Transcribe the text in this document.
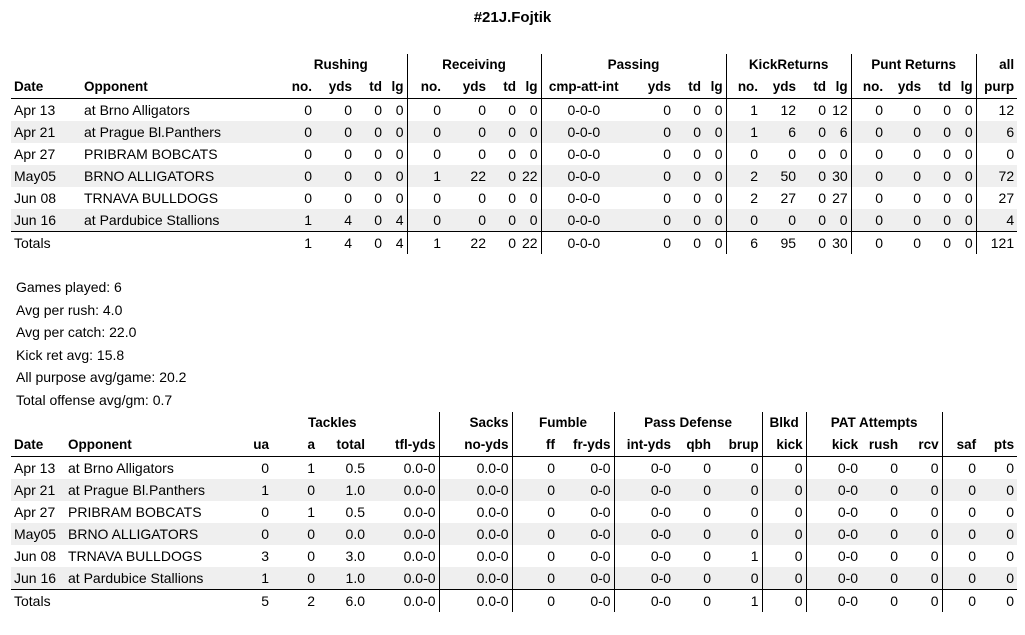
#21J.Fojtik
		Rushing				Receiving				Passing				KickReturns				Punt Returns				all
Date	Opponent	no.	yds	td	lg	no.	yds	td	lg	cmp-att-int	yds	td	lg	no.	yds	td	lg	no.	yds	td	lg	purp
Apr 13	at Brno Alligators	0	0	0	0	0	0	0	0	0-0-0	0	0	0	1	12	0	12	0	0	0	0	12
Apr 21	at Prague Bl.Panthers	0	0	0	0	0	0	0	0	0-0-0	0	0	0	1	6	0	6	0	0	0	0	6
Apr 27	PRIBRAM BOBCATS	0	0	0	0	0	0	0	0	0-0-0	0	0	0	0	0	0	0	0	0	0	0	0
May05	BRNO ALLIGATORS	0	0	0	0	1	22	0	22	0-0-0	0	0	0	2	50	0	30	0	0	0	0	72
Jun 08	TRNAVA BULLDOGS	0	0	0	0	0	0	0	0	0-0-0	0	0	0	2	27	0	27	0	0	0	0	27
Jun 16	at Pardubice Stallions	1	4	0	4	0	0	0	0	0-0-0	0	0	0	0	0	0	0	0	0	0	0	4
Totals		1	4	0	4	1	22	0	22	0-0-0	0	0	0	6	95	0	30	0	0	0	0	121
Games played: 6
Avg per rush: 4.0
Avg per catch: 22.0
Kick ret avg: 15.8
All purpose avg/game: 20.2
Total offense avg/gm: 0.7
		Tackles				Sacks	Fumble		Pass Defense			Blkd	PAT Attempts				
Date	Opponent	ua	a	total	tfl-yds	no-yds	ff	fr-yds	int-yds	qbh	brup	kick	kick	rush	rcv	saf	pts
Apr 13	at Brno Alligators	0	1	0.5	0.0-0	0.0-0	0	0-0	0-0	0	0	0	0-0	0	0	0	0
Apr 21	at Prague Bl.Panthers	1	0	1.0	0.0-0	0.0-0	0	0-0	0-0	0	0	0	0-0	0	0	0	0
Apr 27	PRIBRAM BOBCATS	0	1	0.5	0.0-0	0.0-0	0	0-0	0-0	0	0	0	0-0	0	0	0	0
May05	BRNO ALLIGATORS	0	0	0.0	0.0-0	0.0-0	0	0-0	0-0	0	0	0	0-0	0	0	0	0
Jun 08	TRNAVA BULLDOGS	3	0	3.0	0.0-0	0.0-0	0	0-0	0-0	0	1	0	0-0	0	0	0	0
Jun 16	at Pardubice Stallions	1	0	1.0	0.0-0	0.0-0	0	0-0	0-0	0	0	0	0-0	0	0	0	0
Totals		5	2	6.0	0.0-0	0.0-0	0	0-0	0-0	0	1	0	0-0	0	0	0	0
